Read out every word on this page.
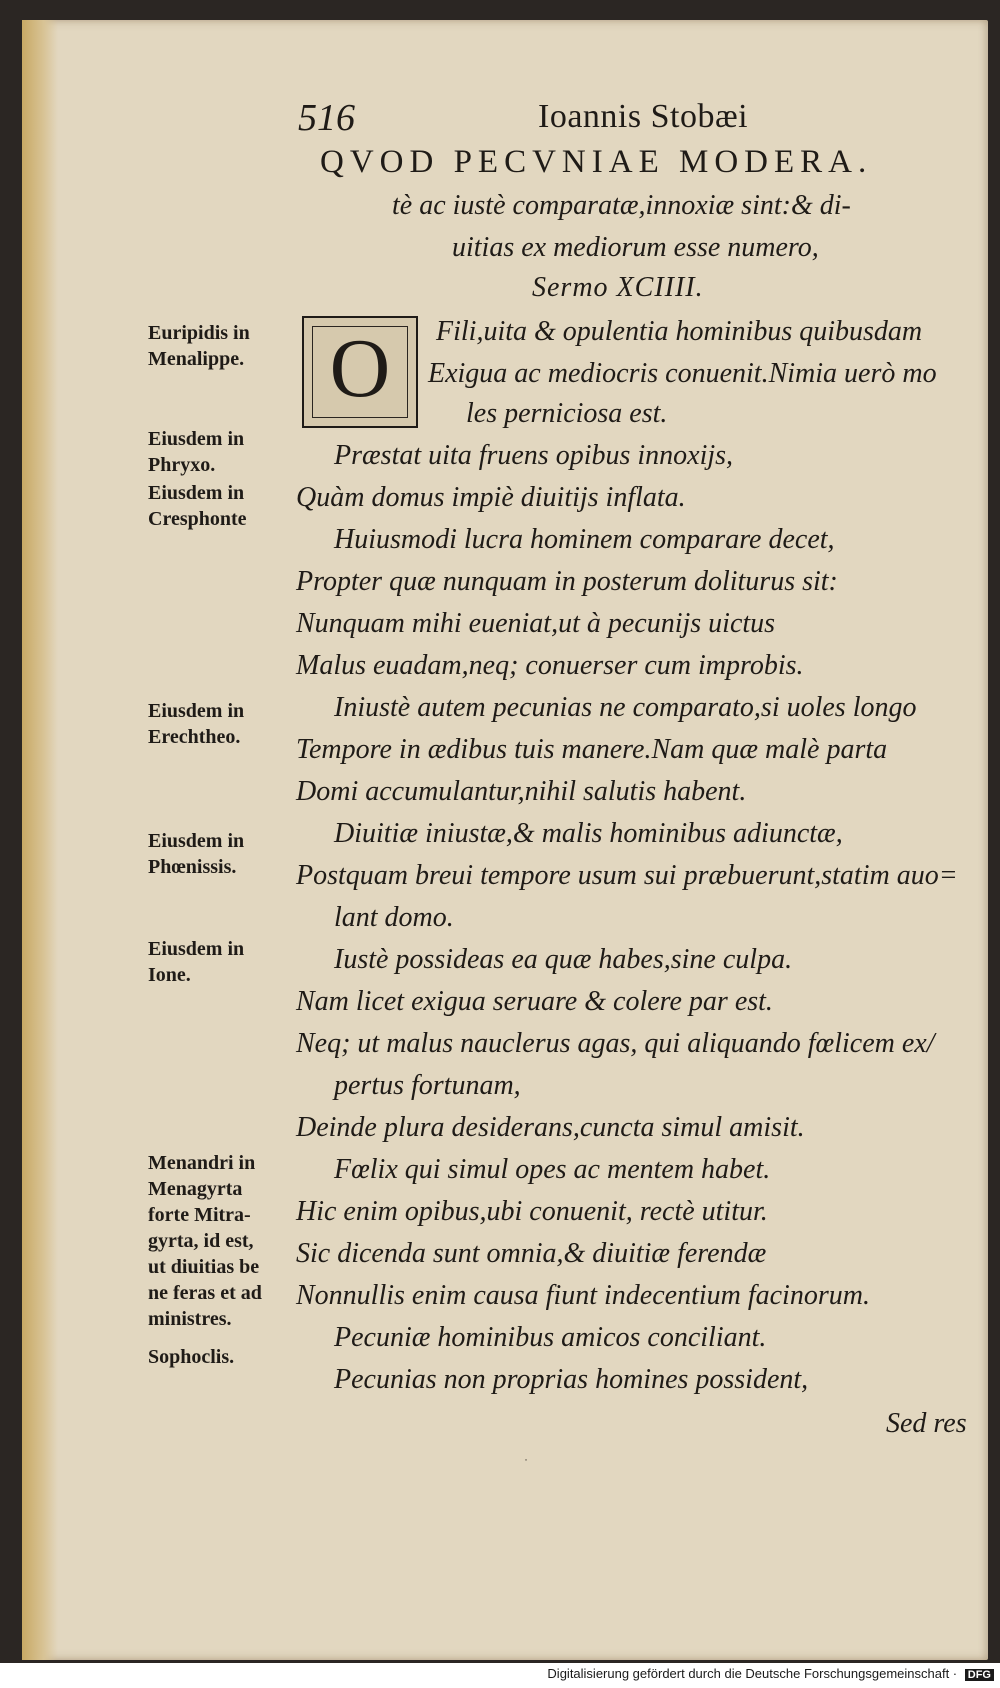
516	Ioannis Stobæi
QVOD PECVNIAE MODERA.
tè ac iustè comparatæ,innoxiæ sint:& di-
uitias ex mediorum esse numero,
Sermo XCIIII.
O
Euripidis in
Menalippe.
Eiusdem in
Phryxo.
Eiusdem in
Cresphonte
Eiusdem in
Erechtheo.
Eiusdem in
Phœnissis.
Eiusdem in
Ione.
Menandri in
Menagyrta
forte Mitra-
gyrta, id est,
ut diuitias be
ne feras et ad
ministres.
Sophoclis.
Fili,uita & opulentia hominibus quibusdam
Exigua ac mediocris conuenit.Nimia uerò mo
les perniciosa est.
Præstat uita fruens opibus innoxijs,
Quàm domus impiè diuitijs inflata.
Huiusmodi lucra hominem comparare decet,
Propter quæ nunquam in posterum doliturus sit:
Nunquam mihi eueniat,ut à pecunijs uictus
Malus euadam,neq; conuerser cum improbis.
Iniustè autem pecunias ne comparato,si uoles longo
Tempore in ædibus tuis manere.Nam quæ malè parta
Domi accumulantur,nihil salutis habent.
Diuitiæ iniustæ,& malis hominibus adiunctæ,
Postquam breui tempore usum sui præbuerunt,statim auo=
lant domo.
Iustè possideas ea quæ habes,sine culpa.
Nam licet exigua seruare & colere par est.
Neq; ut malus nauclerus agas, qui aliquando fœlicem ex/
pertus fortunam,
Deinde plura desiderans,cuncta simul amisit.
Fœlix qui simul opes ac mentem habet.
Hic enim opibus,ubi conuenit, rectè utitur.
Sic dicenda sunt omnia,& diuitiæ ferendæ
Nonnullis enim causa fiunt indecentium facinorum.
Pecuniæ hominibus amicos conciliant.
Pecunias non proprias homines possident,
Sed res
˙
Digitalisierung gefördert durch die Deutsche Forschungsgemeinschaft · DFG
